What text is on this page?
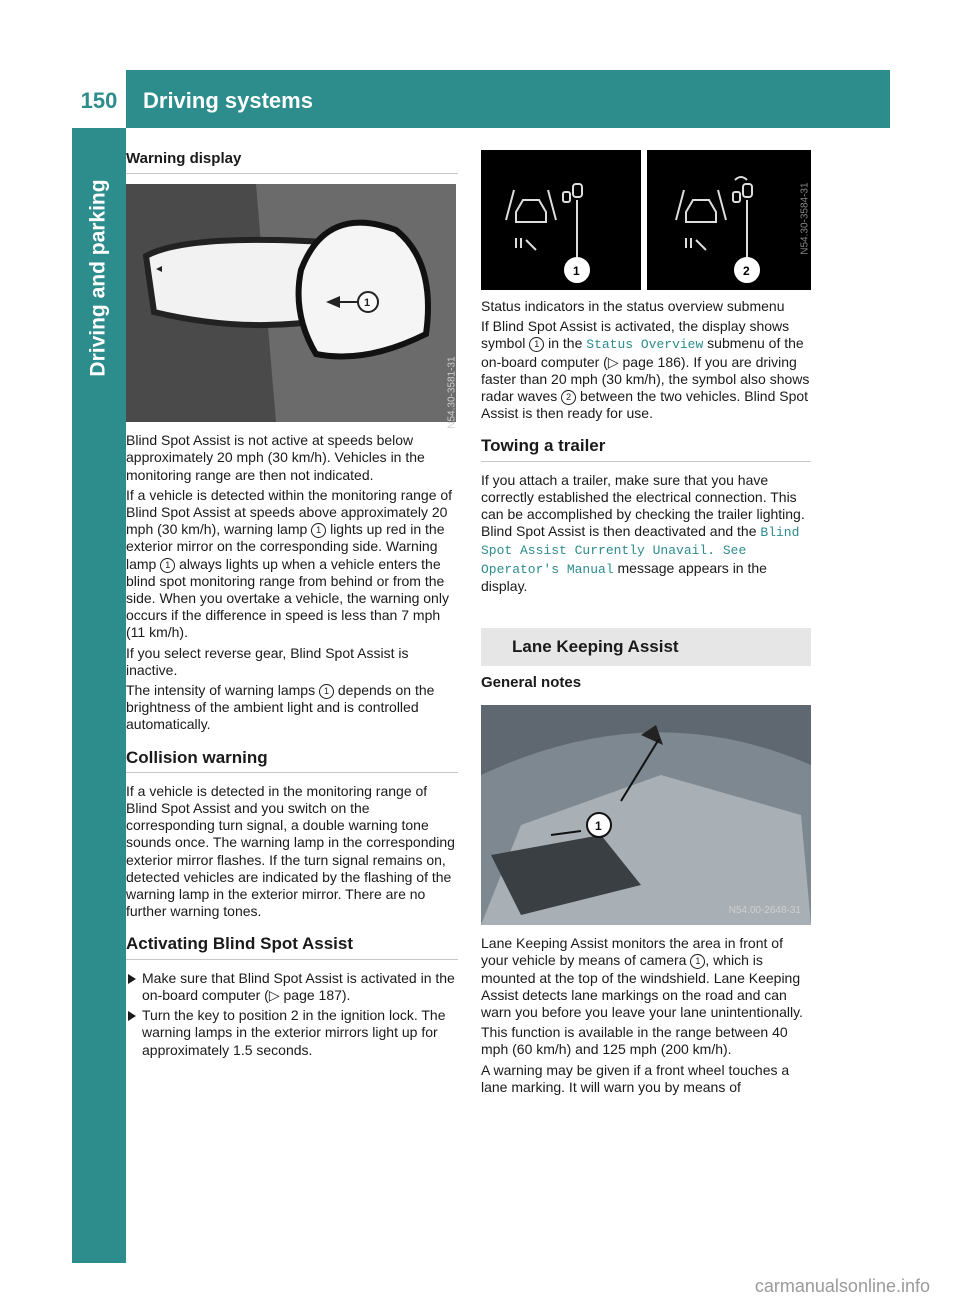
150	Driving systems
Driving and parking
Warning display
1
N54.30-3581-31

Blind Spot Assist is not active at speeds below approximately 20 mph (30 km/h). Vehicles in the monitoring range are then not indicated.

If a vehicle is detected within the monitoring range of Blind Spot Assist at speeds above approximately 20 mph (30 km/h), warning lamp 1 lights up red in the exterior mirror on the corresponding side. Warning lamp 1 always lights up when a vehicle enters the blind spot monitoring range from behind or from the side. When you overtake a vehicle, the warning only occurs if the difference in speed is less than 7 mph (11 km/h).

If you select reverse gear, Blind Spot Assist is inactive.

The intensity of warning lamps 1 depends on the brightness of the ambient light and is controlled automatically.

Collision warning

If a vehicle is detected in the monitoring range of Blind Spot Assist and you switch on the corresponding turn signal, a double warning tone sounds once. The warning lamp in the corresponding exterior mirror flashes. If the turn signal remains on, detected vehicles are indicated by the flashing of the warning lamp in the exterior mirror. There are no further warning tones.

Activating Blind Spot Assist

Make sure that Blind Spot Assist is activated in the on-board computer (▷ page 187).

Turn the key to position 2 in the ignition lock. The warning lamps in the exterior mirrors light up for approximately 1.5 seconds.

1	2
N54.30-3584-31

Status indicators in the status overview submenu

If Blind Spot Assist is activated, the display shows symbol 1 in the Status Overview submenu of the on-board computer (▷ page 186). If you are driving faster than 20 mph (30 km/h), the symbol also shows radar waves 2 between the two vehicles. Blind Spot Assist is then ready for use.

Towing a trailer

If you attach a trailer, make sure that you have correctly established the electrical connection. This can be accomplished by checking the trailer lighting. Blind Spot Assist is then deactivated and the Blind Spot Assist Currently Unavail. See Operator's Manual message appears in the display.

Lane Keeping Assist
General notes
1
N54.00-2648-31

Lane Keeping Assist monitors the area in front of your vehicle by means of camera 1 , which is mounted at the top of the windshield. Lane Keeping Assist detects lane markings on the road and can warn you before you leave your lane unintentionally.

This function is available in the range between 40 mph (60 km/h) and 125 mph (200 km/h).

A warning may be given if a front wheel touches a lane marking. It will warn you by means of

carmanualsonline.info
